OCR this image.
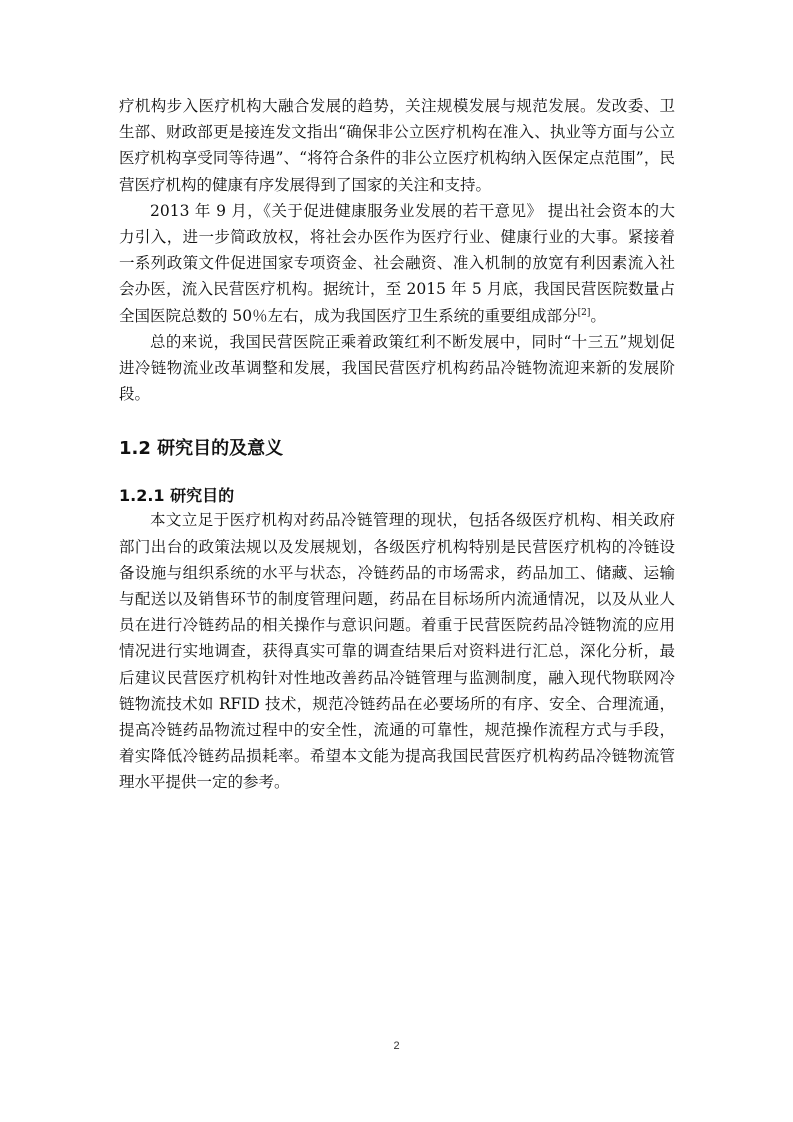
疗机构步入医疗机构大融合发展的趋势，关注规模发展与规范发展。发改委、卫生部、财政部更是接连发文指出“确保非公立医疗机构在准入、执业等方面与公立医疗机构享受同等待遇”、“将符合条件的非公立医疗机构纳入医保定点范围”，民营医疗机构的健康有序发展得到了国家的关注和支持。

2013 年 9 月，《关于促进健康服务业发展的若干意见》 提出社会资本的大力引入，进一步简政放权，将社会办医作为医疗行业、健康行业的大事。紧接着一系列政策文件促进国家专项资金、社会融资、准入机制的放宽有利因素流入社会办医，流入民营医疗机构。据统计，至 2015 年 5 月底，我国民营医院数量占全国医院总数的 50％左右，成为我国医疗卫生系统的重要组成部分[2]。

总的来说，我国民营医院正乘着政策红利不断发展中，同时“十三五”规划促进冷链物流业改革调整和发展，我国民营医疗机构药品冷链物流迎来新的发展阶段。

1.2 研究目的及意义
1.2.1 研究目的

本文立足于医疗机构对药品冷链管理的现状，包括各级医疗机构、相关政府部门出台的政策法规以及发展规划，各级医疗机构特别是民营医疗机构的冷链设备设施与组织系统的水平与状态，冷链药品的市场需求，药品加工、储藏、运输与配送以及销售环节的制度管理问题，药品在目标场所内流通情况，以及从业人员在进行冷链药品的相关操作与意识问题。着重于民营医院药品冷链物流的应用情况进行实地调查，获得真实可靠的调查结果后对资料进行汇总，深化分析，最后建议民营医疗机构针对性地改善药品冷链管理与监测制度，融入现代物联网冷链物流技术如 RFID 技术，规范冷链药品在必要场所的有序、安全、合理流通，提高冷链药品物流过程中的安全性，流通的可靠性，规范操作流程方式与手段，着实降低冷链药品损耗率。希望本文能为提高我国民营医疗机构药品冷链物流管理水平提供一定的参考。

2
